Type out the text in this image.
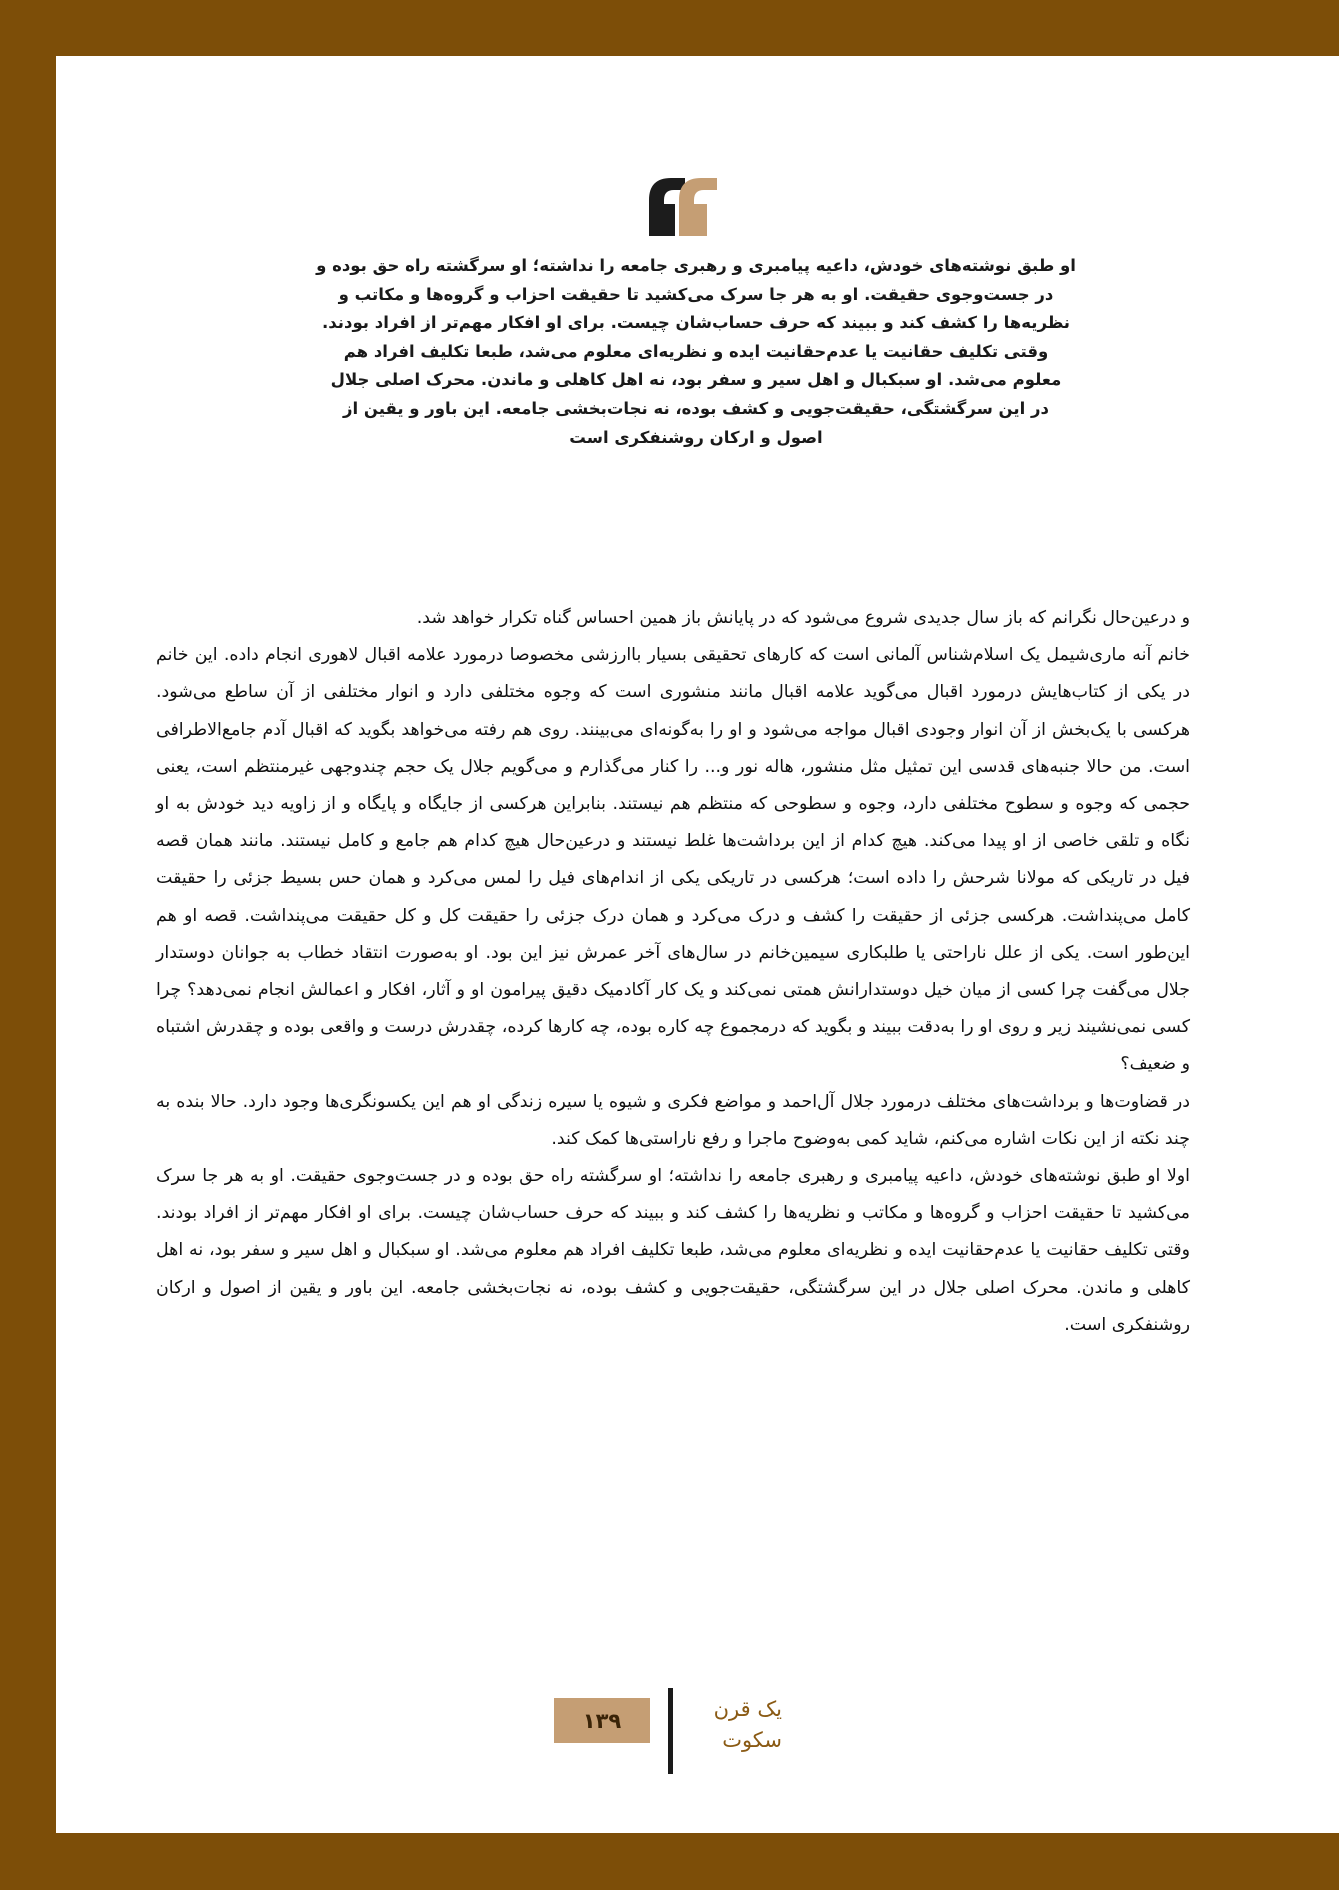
او طبق نوشته‌های خودش، داعیه پیامبری و رهبری جامعه را نداشته؛ او سرگشته راه حق بوده و

در جست‌وجوی حقیقت. او به هر جا سرک می‌کشید تا حقیقت احزاب و گروه‌ها و مکاتب و

نظریه‌ها را کشف کند و ببیند که حرف حساب‌شان چیست. برای او افکار مهم‌تر از افراد بودند.

وقتی تکلیف حقانیت یا عدم‌حقانیت ایده و نظریه‌ای معلوم می‌شد، طبعا تکلیف افراد هم

معلوم می‌شد. او سبکبال و اهل سیر و سفر بود، نه اهل کاهلی و ماندن. محرک اصلی جلال

در این سرگشتگی، حقیقت‌جویی و کشف بوده، نه نجات‌بخشی جامعه. این باور و یقین از

اصول و ارکان روشنفکری است

و درعین‌حال نگرانم که باز سال جدیدی شروع می‌شود که در پایانش باز همین احساس گناه تکرار خواهد شد.

خانم آنه ماری‌شیمل یک اسلام‌شناس آلمانی است که کارهای تحقیقی بسیار باارزشی مخصوصا درمورد علامه اقبال لاهوری انجام داده. این خانم در یکی از کتاب‌هایش درمورد اقبال می‌گوید علامه اقبال مانند منشوری است که وجوه مختلفی دارد و انوار مختلفی از آن ساطع می‌شود. هرکسی با یک‌بخش از آن انوار وجودی اقبال مواجه می‌شود و او را به‌گونه‌ای می‌بینند. روی هم رفته می‌خواهد بگوید که اقبال آدم جامع‌الاطرافی است. من حالا جنبه‌های قدسی این تمثیل مثل منشور، هاله نور و... را کنار می‌گذارم و می‌گویم جلال یک حجم چندوجهی غیرمنتظم است، یعنی حجمی که وجوه و سطوح مختلفی دارد، وجوه و سطوحی که منتظم هم نیستند. بنابراین هرکسی از جایگاه و پایگاه و از زاویه دید خودش به او نگاه و تلقی خاصی از او پیدا می‌کند. هیچ کدام از این برداشت‌ها غلط نیستند و درعین‌حال هیچ کدام هم جامع و کامل نیستند. مانند همان قصه فیل در تاریکی که مولانا شرحش را داده است؛ هرکسی در تاریکی یکی از اندام‌های فیل را لمس می‌کرد و همان حس بسیط جزئی را حقیقت کامل می‌پنداشت. هرکسی جزئی از حقیقت را کشف و درک می‌کرد و همان درک جزئی را حقیقت کل و کل حقیقت می‌پنداشت. قصه او هم این‌طور است. یکی از علل ناراحتی یا طلبکاری سیمین‌خانم در سال‌های آخر عمرش نیز این بود. او به‌صورت انتقاد خطاب به جوانان دوستدار جلال می‌گفت چرا کسی از میان خیل دوستدارانش همتی نمی‌کند و یک کار آکادمیک دقیق پیرامون او و آثار، افکار و اعمالش انجام نمی‌دهد؟ چرا کسی نمی‌نشیند زیر و روی او را به‌دقت ببیند و بگوید که درمجموع چه کاره بوده، چه کارها کرده، چقدرش درست و واقعی بوده و چقدرش اشتباه و ضعیف؟

در قضاوت‌ها و برداشت‌های مختلف درمورد جلال آل‌احمد و مواضع فکری و شیوه یا سیره زندگی او هم این یکسونگری‌ها وجود دارد. حالا بنده به چند نکته از این نکات اشاره می‌کنم، شاید کمی به‌وضوح ماجرا و رفع ناراستی‌ها کمک کند.

اولا او طبق نوشته‌های خودش، داعیه پیامبری و رهبری جامعه را نداشته؛ او سرگشته راه حق بوده و در جست‌وجوی حقیقت. او به هر جا سرک می‌کشید تا حقیقت احزاب و گروه‌ها و مکاتب و نظریه‌ها را کشف کند و ببیند که حرف حساب‌شان چیست. برای او افکار مهم‌تر از افراد بودند. وقتی تکلیف حقانیت یا عدم‌حقانیت ایده و نظریه‌ای معلوم می‌شد، طبعا تکلیف افراد هم معلوم می‌شد. او سبکبال و اهل سیر و سفر بود، نه اهل کاهلی و ماندن. محرک اصلی جلال در این سرگشتگی، حقیقت‌جویی و کشف بوده، نه نجات‌بخشی جامعه. این باور و یقین از اصول و ارکان روشنفکری است.

۱۳۹	یک قرن
سکوت
